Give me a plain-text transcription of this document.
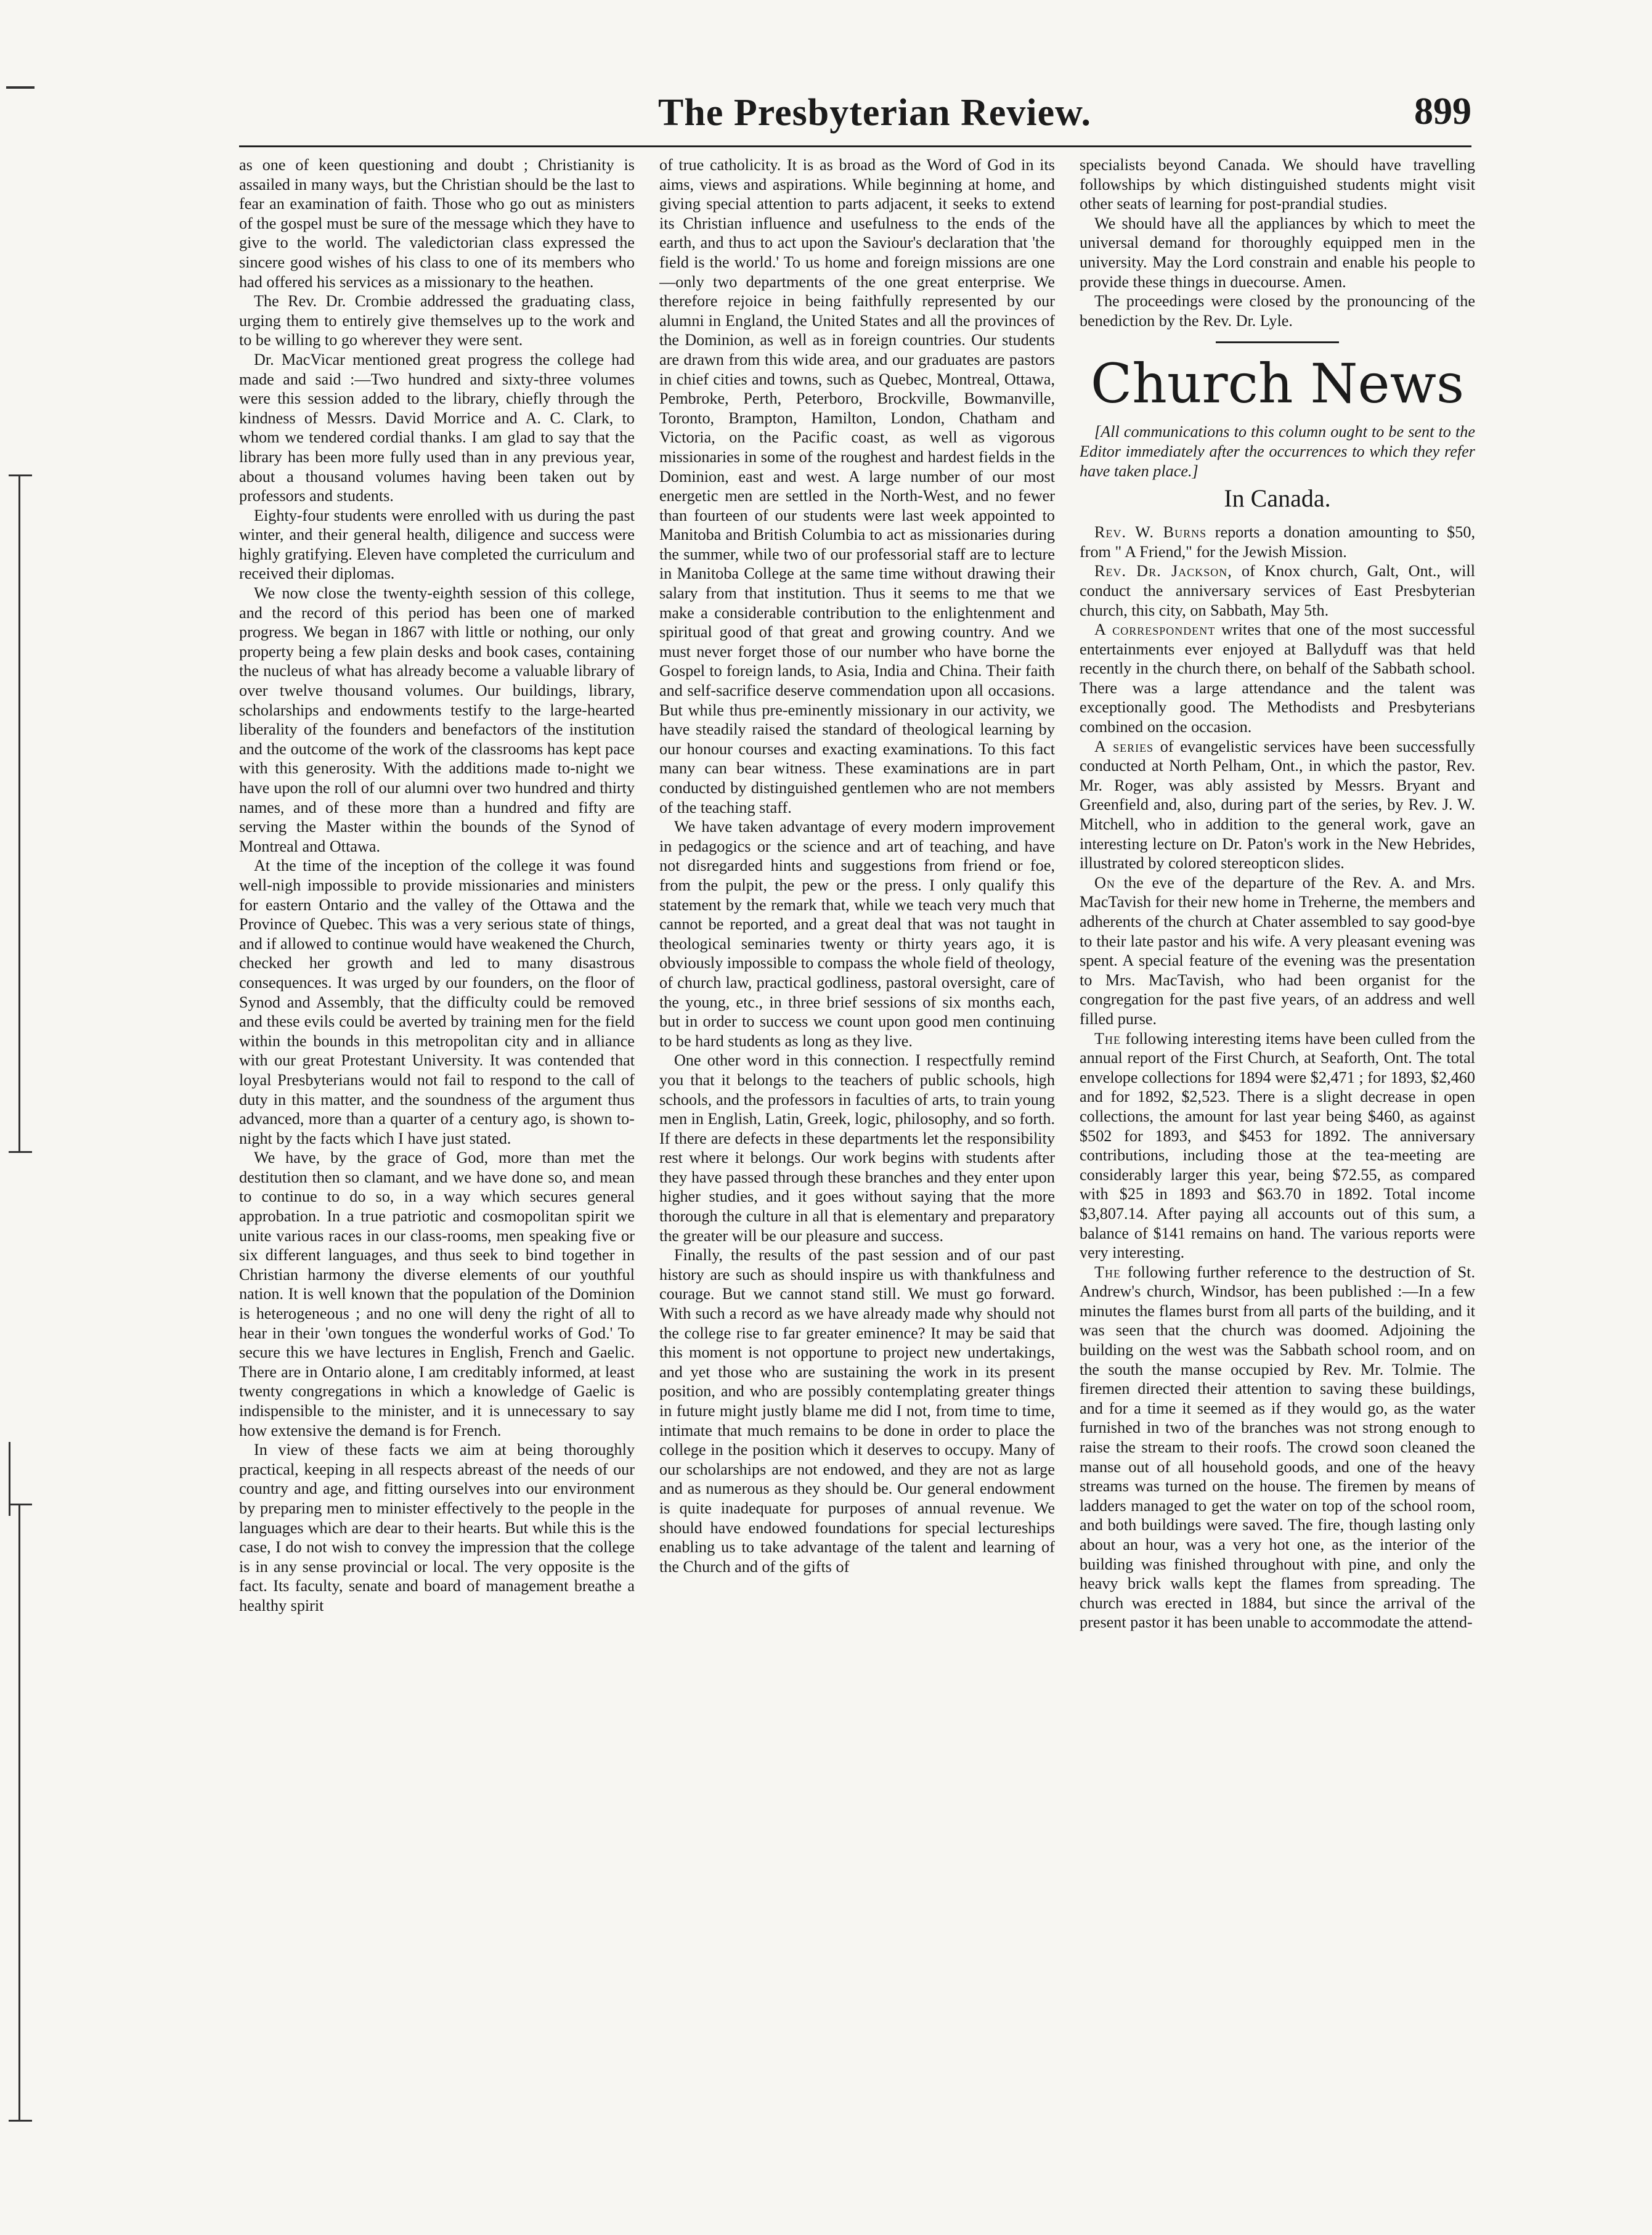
The Presbyterian Review.	899

as one of keen questioning and doubt ; Christianity is assailed in many ways, but the Christian should be the last to fear an examination of faith. Those who go out as ministers of the gospel must be sure of the message which they have to give to the world. The valedictorian class expressed the sincere good wishes of his class to one of its members who had offered his services as a missionary to the heathen.

The Rev. Dr. Crombie addressed the graduating class, urging them to entirely give themselves up to the work and to be willing to go wherever they were sent.

Dr. MacVicar mentioned great progress the college had made and said :—Two hundred and sixty-three volumes were this session added to the library, chiefly through the kindness of Messrs. David Morrice and A. C. Clark, to whom we tendered cordial thanks. I am glad to say that the library has been more fully used than in any previous year, about a thousand volumes having been taken out by professors and students.

Eighty-four students were enrolled with us during the past winter, and their general health, diligence and success were highly gratifying. Eleven have completed the curriculum and received their diplomas.

We now close the twenty-eighth session of this college, and the record of this period has been one of marked progress. We began in 1867 with little or nothing, our only property being a few plain desks and book cases, containing the nucleus of what has already become a valuable library of over twelve thousand volumes. Our buildings, library, scholarships and endowments testify to the large-hearted liberality of the founders and benefactors of the institution and the outcome of the work of the classrooms has kept pace with this generosity. With the additions made to-night we have upon the roll of our alumni over two hundred and thirty names, and of these more than a hundred and fifty are serving the Master within the bounds of the Synod of Montreal and Ottawa.

At the time of the inception of the college it was found well-nigh impossible to provide missionaries and ministers for eastern Ontario and the valley of the Ottawa and the Province of Quebec. This was a very serious state of things, and if allowed to continue would have weakened the Church, checked her growth and led to many disastrous consequences. It was urged by our founders, on the floor of Synod and Assembly, that the difficulty could be removed and these evils could be averted by training men for the field within the bounds in this metropolitan city and in alliance with our great Protestant University. It was contended that loyal Presbyterians would not fail to respond to the call of duty in this matter, and the soundness of the argument thus advanced, more than a quarter of a century ago, is shown to-night by the facts which I have just stated.

We have, by the grace of God, more than met the destitution then so clamant, and we have done so, and mean to continue to do so, in a way which secures general approbation. In a true patriotic and cosmopolitan spirit we unite various races in our class-rooms, men speaking five or six different languages, and thus seek to bind together in Christian harmony the diverse elements of our youthful nation. It is well known that the population of the Dominion is heterogeneous ; and no one will deny the right of all to hear in their 'own tongues the wonderful works of God.' To secure this we have lectures in English, French and Gaelic. There are in Ontario alone, I am creditably informed, at least twenty congregations in which a knowledge of Gaelic is indispensible to the minister, and it is unnecessary to say how extensive the demand is for French.

In view of these facts we aim at being thoroughly practical, keeping in all respects abreast of the needs of our country and age, and fitting ourselves into our environment by preparing men to minister effectively to the people in the languages which are dear to their hearts. But while this is the case, I do not wish to convey the impression that the college is in any sense provincial or local. The very opposite is the fact. Its faculty, senate and board of management breathe a healthy spirit

of true catholicity. It is as broad as the Word of God in its aims, views and aspirations. While beginning at home, and giving special attention to parts adjacent, it seeks to extend its Christian influence and usefulness to the ends of the earth, and thus to act upon the Saviour's declaration that 'the field is the world.' To us home and foreign missions are one—only two departments of the one great enterprise. We therefore rejoice in being faithfully represented by our alumni in England, the United States and all the provinces of the Dominion, as well as in foreign countries. Our students are drawn from this wide area, and our graduates are pastors in chief cities and towns, such as Quebec, Montreal, Ottawa, Pembroke, Perth, Peterboro, Brockville, Bowmanville, Toronto, Brampton, Hamilton, London, Chatham and Victoria, on the Pacific coast, as well as vigorous missionaries in some of the roughest and hardest fields in the Dominion, east and west. A large number of our most energetic men are settled in the North-West, and no fewer than fourteen of our students were last week appointed to Manitoba and British Columbia to act as missionaries during the summer, while two of our professorial staff are to lecture in Manitoba College at the same time without drawing their salary from that institution. Thus it seems to me that we make a considerable contribution to the enlightenment and spiritual good of that great and growing country. And we must never forget those of our number who have borne the Gospel to foreign lands, to Asia, India and China. Their faith and self-sacrifice deserve commendation upon all occasions. But while thus pre-eminently missionary in our activity, we have steadily raised the standard of theological learning by our honour courses and exacting examinations. To this fact many can bear witness. These examinations are in part conducted by distinguished gentlemen who are not members of the teaching staff.

We have taken advantage of every modern improvement in pedagogics or the science and art of teaching, and have not disregarded hints and suggestions from friend or foe, from the pulpit, the pew or the press. I only qualify this statement by the remark that, while we teach very much that cannot be reported, and a great deal that was not taught in theological seminaries twenty or thirty years ago, it is obviously impossible to compass the whole field of theology, of church law, practical godliness, pastoral oversight, care of the young, etc., in three brief sessions of six months each, but in order to success we count upon good men continuing to be hard students as long as they live.

One other word in this connection. I respectfully remind you that it belongs to the teachers of public schools, high schools, and the professors in faculties of arts, to train young men in English, Latin, Greek, logic, philosophy, and so forth. If there are defects in these departments let the responsibility rest where it belongs. Our work begins with students after they have passed through these branches and they enter upon higher studies, and it goes without saying that the more thorough the culture in all that is elementary and preparatory the greater will be our pleasure and success.

Finally, the results of the past session and of our past history are such as should inspire us with thankfulness and courage. But we cannot stand still. We must go forward. With such a record as we have already made why should not the college rise to far greater eminence? It may be said that this moment is not opportune to project new undertakings, and yet those who are sustaining the work in its present position, and who are possibly contemplating greater things in future might justly blame me did I not, from time to time, intimate that much remains to be done in order to place the college in the position which it deserves to occupy. Many of our scholarships are not endowed, and they are not as large and as numerous as they should be. Our general endowment is quite inadequate for purposes of annual revenue. We should have endowed foundations for special lectureships enabling us to take advantage of the talent and learning of the Church and of the gifts of

specialists beyond Canada. We should have travelling followships by which distinguished students might visit other seats of learning for post-prandial studies.

We should have all the appliances by which to meet the universal demand for thoroughly equipped men in the university. May the Lord constrain and enable his people to provide these things in duecourse. Amen.

The proceedings were closed by the pronouncing of the benediction by the Rev. Dr. Lyle.

Church News

[All communications to this column ought to be sent to the Editor immediately after the occurrences to which they refer have taken place.]

In Canada.

Rev. W. Burns reports a donation amounting to $50, from " A Friend," for the Jewish Mission.

Rev. Dr. Jackson, of Knox church, Galt, Ont., will conduct the anniversary services of East Presbyterian church, this city, on Sabbath, May 5th.

A correspondent writes that one of the most successful entertainments ever enjoyed at Ballyduff was that held recently in the church there, on behalf of the Sabbath school. There was a large attendance and the talent was exceptionally good. The Methodists and Presbyterians combined on the occasion.

A series of evangelistic services have been successfully conducted at North Pelham, Ont., in which the pastor, Rev. Mr. Roger, was ably assisted by Messrs. Bryant and Greenfield and, also, during part of the series, by Rev. J. W. Mitchell, who in addition to the general work, gave an interesting lecture on Dr. Paton's work in the New Hebrides, illustrated by colored stereopticon slides.

On the eve of the departure of the Rev. A. and Mrs. MacTavish for their new home in Treherne, the members and adherents of the church at Chater assembled to say good-bye to their late pastor and his wife. A very pleasant evening was spent. A special feature of the evening was the presentation to Mrs. MacTavish, who had been organist for the congregation for the past five years, of an address and well filled purse.

The following interesting items have been culled from the annual report of the First Church, at Seaforth, Ont. The total envelope collections for 1894 were $2,471 ; for 1893, $2,460 and for 1892, $2,523. There is a slight decrease in open collections, the amount for last year being $460, as against $502 for 1893, and $453 for 1892. The anniversary contributions, including those at the tea-meeting are considerably larger this year, being $72.55, as compared with $25 in 1893 and $63.70 in 1892. Total income $3,807.14. After paying all accounts out of this sum, a balance of $141 remains on hand. The various reports were very interesting.

The following further reference to the destruction of St. Andrew's church, Windsor, has been published :—In a few minutes the flames burst from all parts of the building, and it was seen that the church was doomed. Adjoining the building on the west was the Sabbath school room, and on the south the manse occupied by Rev. Mr. Tolmie. The firemen directed their attention to saving these buildings, and for a time it seemed as if they would go, as the water furnished in two of the branches was not strong enough to raise the stream to their roofs. The crowd soon cleaned the manse out of all household goods, and one of the heavy streams was turned on the house. The firemen by means of ladders managed to get the water on top of the school room, and both buildings were saved. The fire, though lasting only about an hour, was a very hot one, as the interior of the building was finished throughout with pine, and only the heavy brick walls kept the flames from spreading. The church was erected in 1884, but since the arrival of the present pastor it has been unable to accommodate the attend-
